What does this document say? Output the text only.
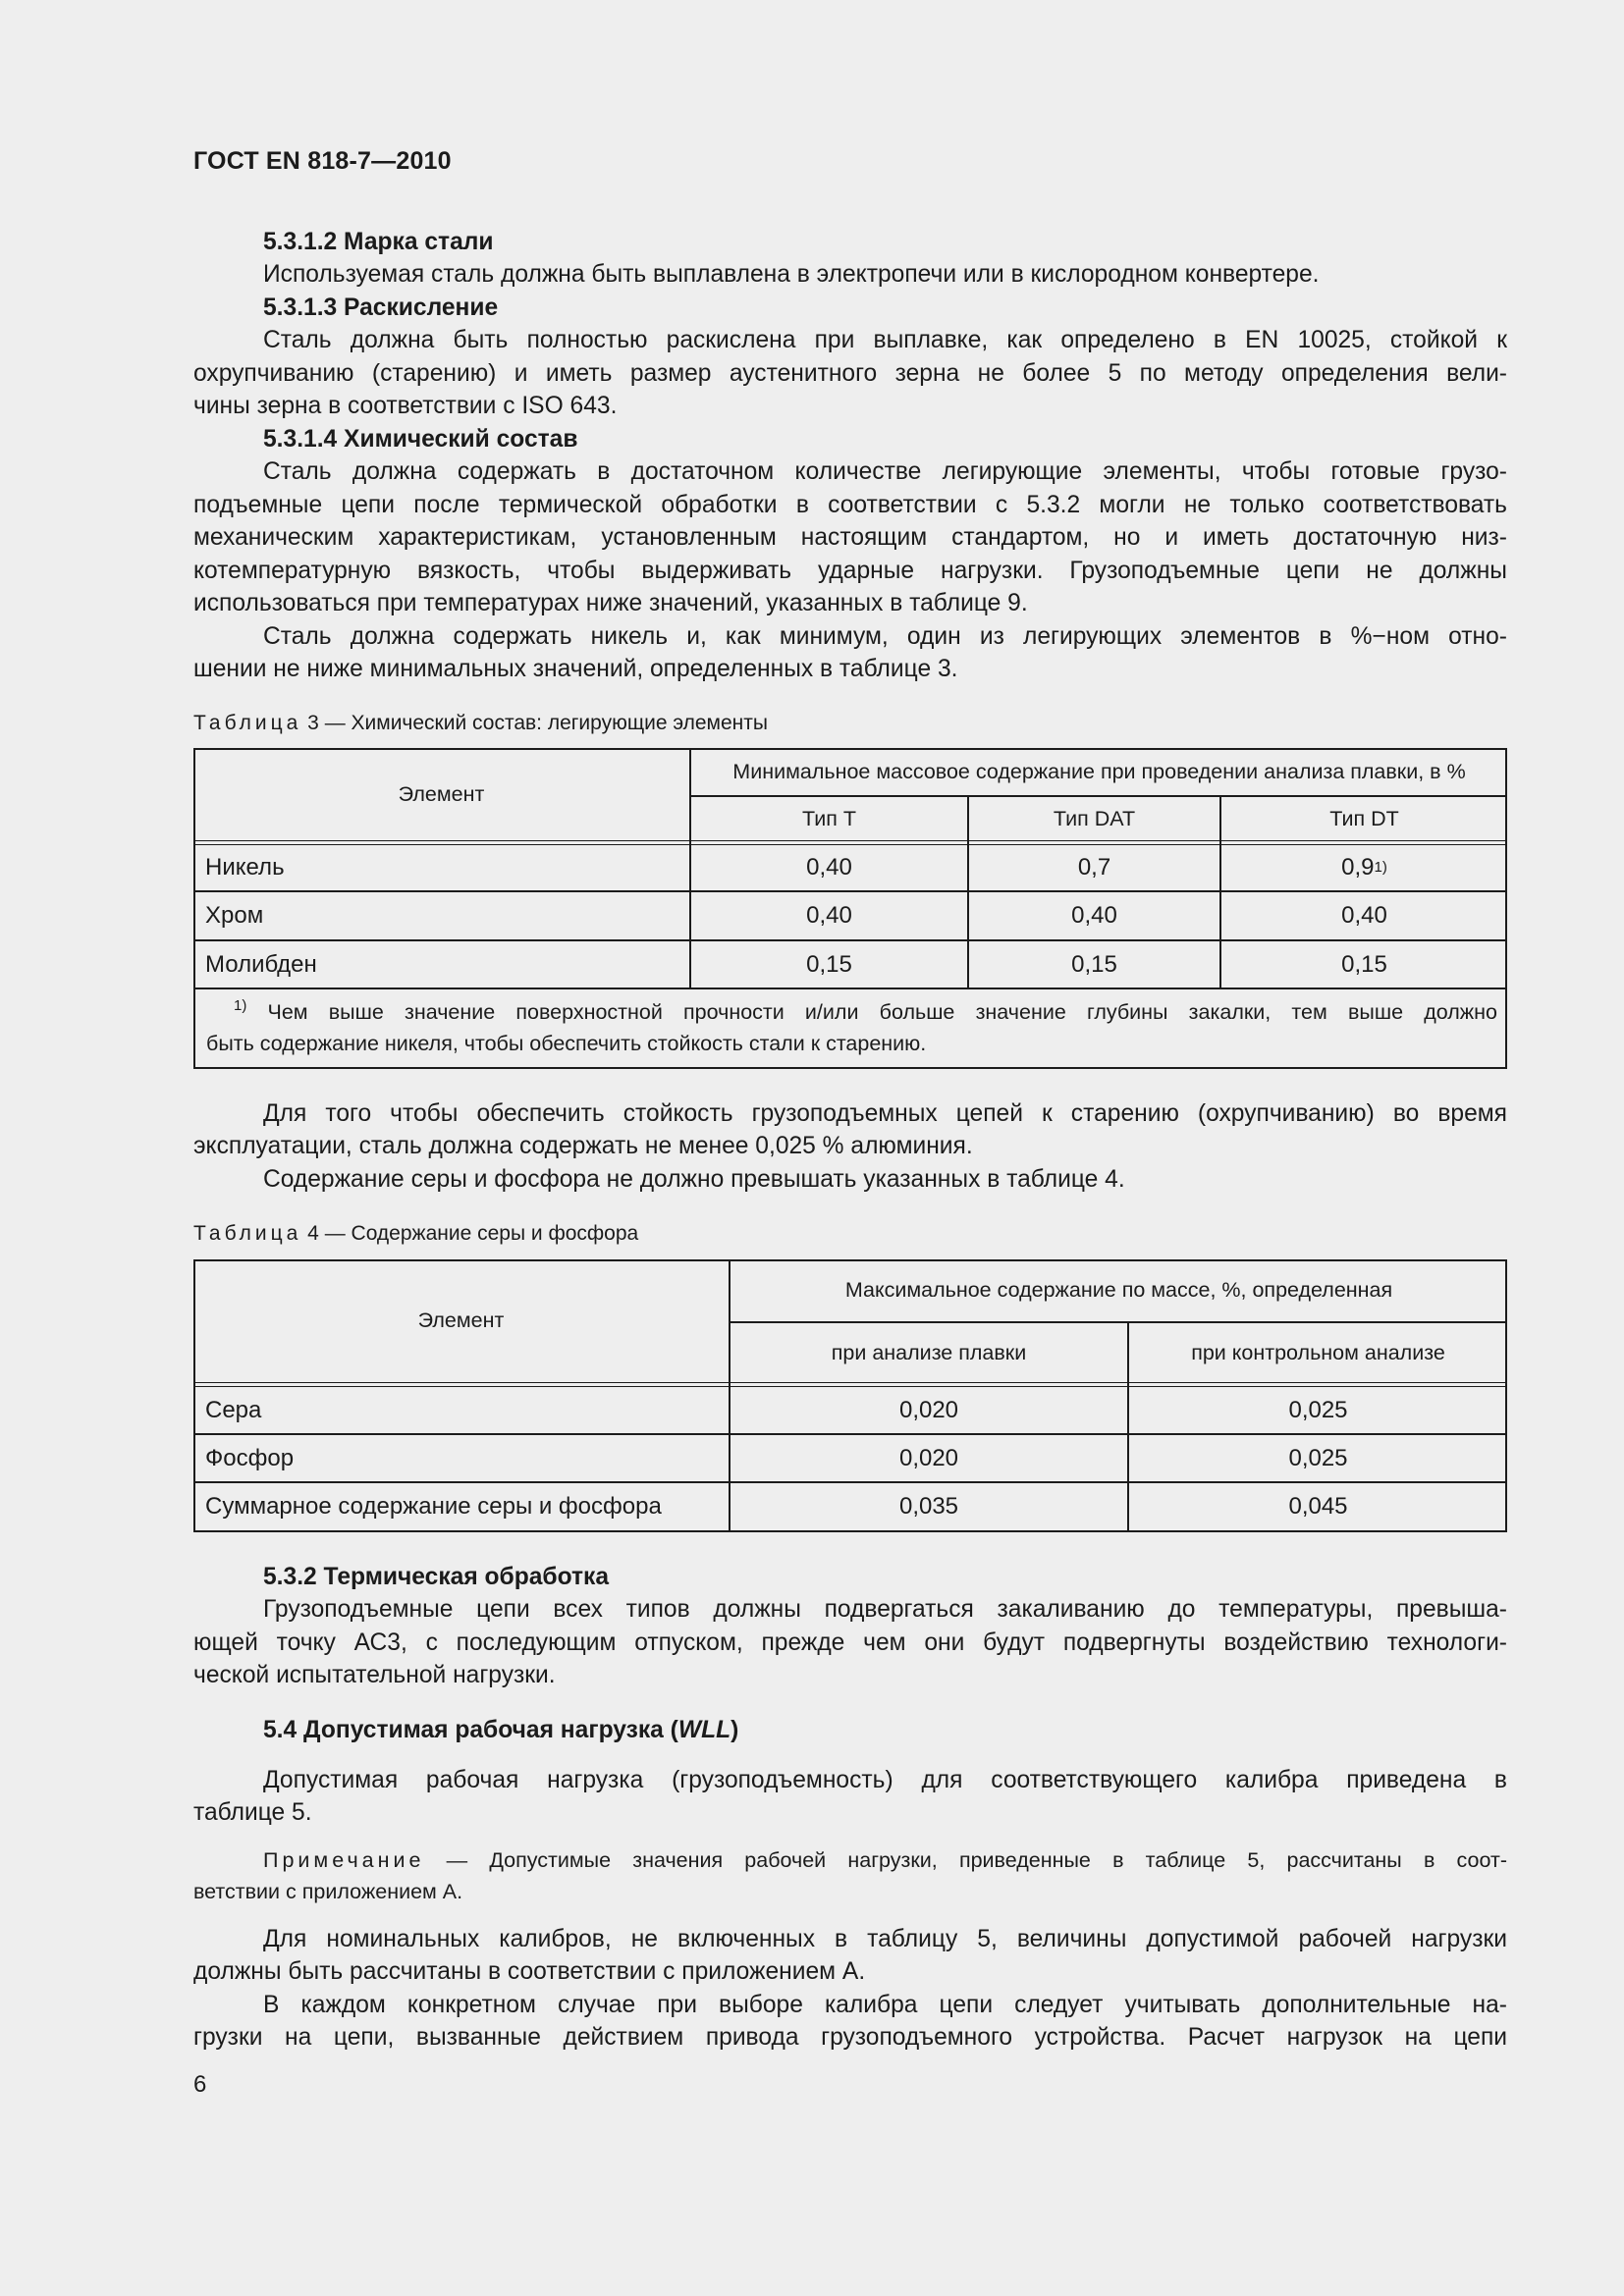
ГОСТ EN 818-7—2010
5.3.1.2 Марка стали
Используемая сталь должна быть выплавлена в электропечи или в кислородном конвертере.
5.3.1.3 Раскисление
Сталь должна быть полностью раскислена при выплавке, как определено в EN 10025, стойкой к
охрупчиванию (старению) и иметь размер аустенитного зерна не более 5 по методу определения вели-
чины зерна в соответствии с ISO 643.
5.3.1.4 Химический состав
Сталь должна содержать в достаточном количестве легирующие элементы, чтобы готовые грузо-
подъемные цепи после термической обработки в соответствии с 5.3.2 могли не только соответствовать
механическим характеристикам, установленным настоящим стандартом, но и иметь достаточную низ-
котемпературную вязкость, чтобы выдерживать ударные нагрузки. Грузоподъемные цепи не должны
использоваться при температурах ниже значений, указанных в таблице 9.
Сталь должна содержать никель и, как минимум, один из легирующих элементов в %−ном отно-
шении не ниже минимальных значений, определенных в таблице 3.
Таблица 3 — Химический состав: легирующие элементы
Элемент
Минимальное массовое содержание при проведении анализа плавки, в %
Тип T	Тип DAT	Тип DT
Никель	0,40	0,7	0,9 1)
Хром	0,40	0,40	0,40
Молибден	0,15	0,15	0,15
$^{1)}$ Чем выше значение поверхностной прочности и/или больше значение глубины закалки, тем выше должно
быть содержание никеля, чтобы обеспечить стойкость стали к старению.
Для того чтобы обеспечить стойкость грузоподъемных цепей к старению (охрупчиванию) во время
эксплуатации, сталь должна содержать не менее 0,025 % алюминия.
Содержание серы и фосфора не должно превышать указанных в таблице 4.
Таблица 4 — Содержание серы и фосфора
Элемент
Максимальное содержание по массе, %, определенная
при анализе плавки	при контрольном анализе
Сера	0,020	0,025
Фосфор	0,020	0,025
Суммарное содержание серы и фосфора	0,035	0,045
5.3.2 Термическая обработка
Грузоподъемные цепи всех типов должны подвергаться закаливанию до температуры, превыша-
ющей точку АС3, с последующим отпуском, прежде чем они будут подвергнуты воздействию технологи-
ческой испытательной нагрузки.
5.4 Допустимая рабочая нагрузка (WLL)
Допустимая рабочая нагрузка (грузоподъемность) для соответствующего калибра приведена в
таблице 5.
Примечание — Допустимые значения рабочей нагрузки, приведенные в таблице 5, рассчитаны в соот-
ветствии с приложением А.
Для номинальных калибров, не включенных в таблицу 5, величины допустимой рабочей нагрузки
должны быть рассчитаны в соответствии с приложением А.
В каждом конкретном случае при выборе калибра цепи следует учитывать дополнительные на-
грузки на цепи, вызванные действием привода грузоподъемного устройства. Расчет нагрузок на цепи
6
